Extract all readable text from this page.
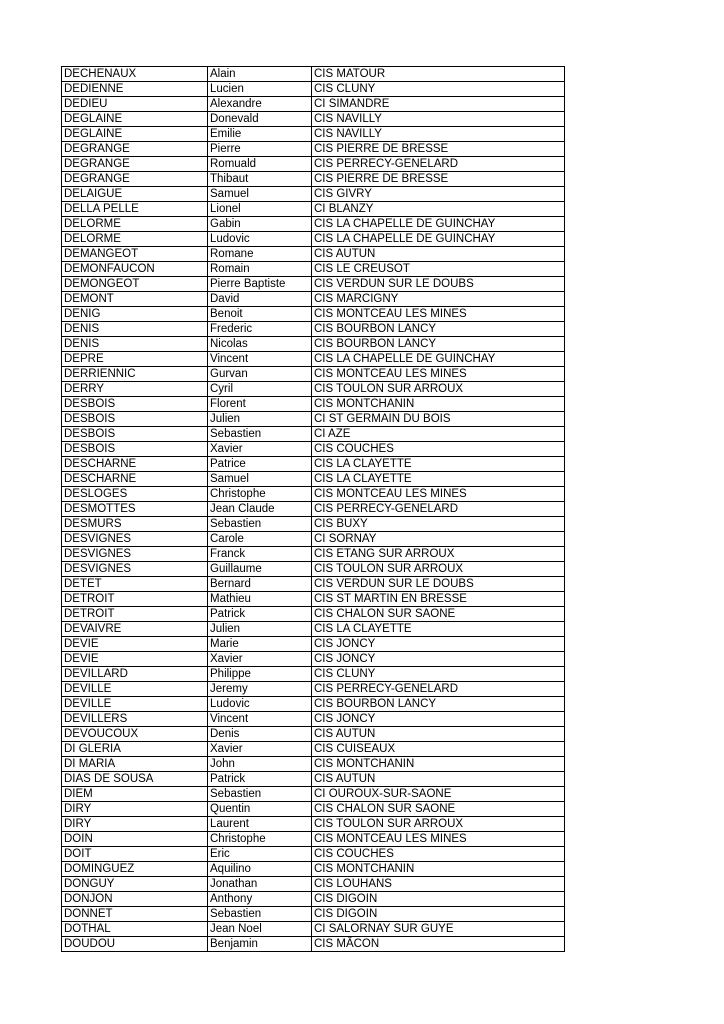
DECHENAUX	Alain	CIS MATOUR
DEDIENNE	Lucien	CIS CLUNY
DEDIEU	Alexandre	CI SIMANDRE
DEGLAINE	Donevald	CIS NAVILLY
DEGLAINE	Emilie	CIS NAVILLY
DEGRANGE	Pierre	CIS PIERRE DE BRESSE
DEGRANGE	Romuald	CIS PERRECY-GENELARD
DEGRANGE	Thibaut	CIS PIERRE DE BRESSE
DELAIGUE	Samuel	CIS GIVRY
DELLA PELLE	Lionel	CI BLANZY
DELORME	Gabin	CIS LA CHAPELLE DE GUINCHAY
DELORME	Ludovic	CIS LA CHAPELLE DE GUINCHAY
DEMANGEOT	Romane	CIS AUTUN
DEMONFAUCON	Romain	CIS LE CREUSOT
DEMONGEOT	Pierre Baptiste	CIS VERDUN SUR LE DOUBS
DEMONT	David	CIS MARCIGNY
DENIG	Benoit	CIS MONTCEAU LES MINES
DENIS	Frederic	CIS BOURBON LANCY
DENIS	Nicolas	CIS BOURBON LANCY
DEPRE	Vincent	CIS LA CHAPELLE DE GUINCHAY
DERRIENNIC	Gurvan	CIS MONTCEAU LES MINES
DERRY	Cyril	CIS TOULON SUR ARROUX
DESBOIS	Florent	CIS MONTCHANIN
DESBOIS	Julien	CI ST GERMAIN DU BOIS
DESBOIS	Sebastien	CI AZE
DESBOIS	Xavier	CIS COUCHES
DESCHARNE	Patrice	CIS LA CLAYETTE
DESCHARNE	Samuel	CIS LA CLAYETTE
DESLOGES	Christophe	CIS MONTCEAU LES MINES
DESMOTTES	Jean Claude	CIS PERRECY-GENELARD
DESMURS	Sebastien	CIS BUXY
DESVIGNES	Carole	CI SORNAY
DESVIGNES	Franck	CIS ETANG SUR ARROUX
DESVIGNES	Guillaume	CIS TOULON SUR ARROUX
DETET	Bernard	CIS VERDUN SUR LE DOUBS
DETROIT	Mathieu	CIS ST MARTIN EN BRESSE
DETROIT	Patrick	CIS CHALON SUR SAONE
DEVAIVRE	Julien	CIS LA CLAYETTE
DEVIE	Marie	CIS JONCY
DEVIE	Xavier	CIS JONCY
DEVILLARD	Philippe	CIS CLUNY
DEVILLE	Jeremy	CIS PERRECY-GENELARD
DEVILLE	Ludovic	CIS BOURBON LANCY
DEVILLERS	Vincent	CIS JONCY
DEVOUCOUX	Denis	CIS AUTUN
DI GLERIA	Xavier	CIS CUISEAUX
DI MARIA	John	CIS MONTCHANIN
DIAS DE SOUSA	Patrick	CIS AUTUN
DIEM	Sebastien	CI OUROUX-SUR-SAONE
DIRY	Quentin	CIS CHALON SUR SAONE
DIRY	Laurent	CIS TOULON SUR ARROUX
DOIN	Christophe	CIS MONTCEAU LES MINES
DOIT	Eric	CIS COUCHES
DOMINGUEZ	Aquilino	CIS MONTCHANIN
DONGUY	Jonathan	CIS LOUHANS
DONJON	Anthony	CIS DIGOIN
DONNET	Sebastien	CIS DIGOIN
DOTHAL	Jean Noel	CI SALORNAY SUR GUYE
DOUDOU	Benjamin	CIS MÂCON
